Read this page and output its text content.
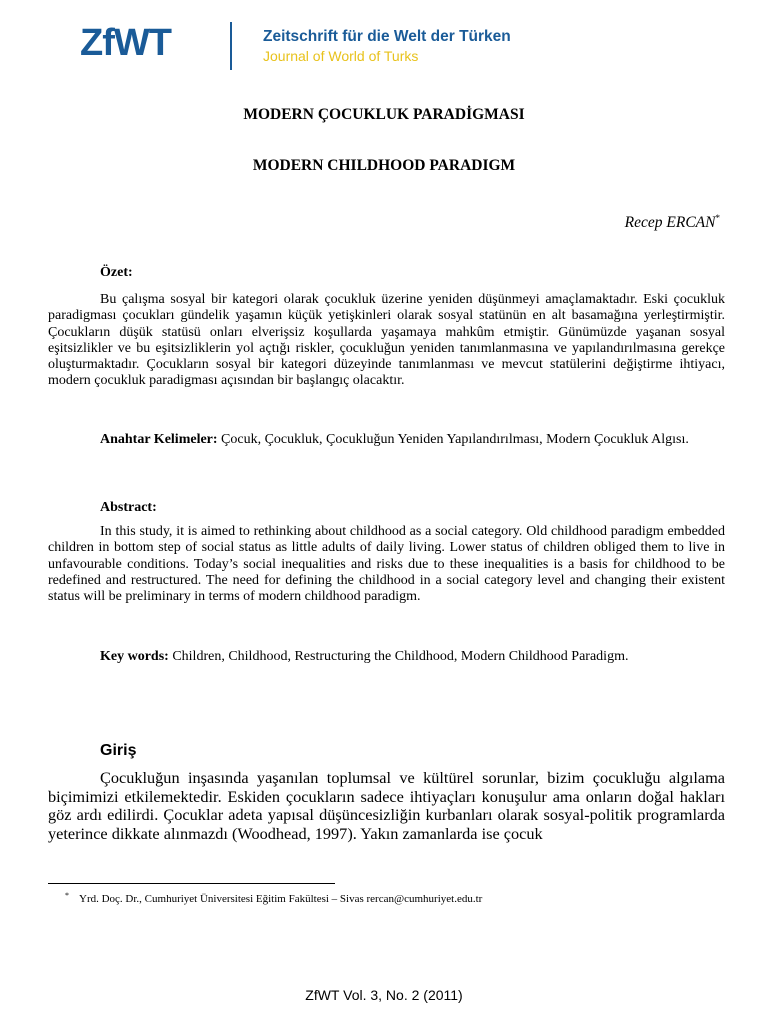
ZfWT	Zeitschrift für die Welt der Türken
Journal of World of Turks
MODERN ÇOCUKLUK PARADİGMASI
MODERN CHILDHOOD PARADIGM
Recep ERCAN*
Özet:

Bu çalışma sosyal bir kategori olarak çocukluk üzerine yeniden düşünmeyi amaçlamaktadır. Eski çocukluk paradigması çocukları gündelik yaşamın küçük yetişkinleri olarak sosyal statünün en alt basamağına yerleştirmiştir. Çocukların düşük statüsü onları elverişsiz koşullarda yaşamaya mahkûm etmiştir. Günümüzde yaşanan sosyal eşitsizlikler ve bu eşitsizliklerin yol açtığı riskler, çocukluğun yeniden tanımlanmasına ve yapılandırılmasına gerekçe oluşturmaktadır. Çocukların sosyal bir kategori düzeyinde tanımlanması ve mevcut statülerini değiştirme ihtiyacı, modern çocukluk paradigması açısından bir başlangıç olacaktır.

Anahtar Kelimeler: Çocuk, Çocukluk, Çocukluğun Yeniden Yapılandırılması, Modern Çocukluk Algısı.

Abstract:

In this study, it is aimed to rethinking about childhood as a social category. Old childhood paradigm embedded children in bottom step of social status as little adults of daily living. Lower status of children obliged them to live in unfavourable conditions. Today’s social inequalities and risks due to these inequalities is a basis for childhood to be redefined and restructured. The need for defining the childhood in a social category level and changing their existent status will be preliminary in terms of modern childhood paradigm.

Key words: Children, Childhood, Restructuring the Childhood, Modern Childhood Paradigm.

Giriş

Çocukluğun inşasında yaşanılan toplumsal ve kültürel sorunlar, bizim çocukluğu algılama biçimimizi etkilemektedir. Eskiden çocukların sadece ihtiyaçları konuşulur ama onların doğal hakları göz ardı edilirdi. Çocuklar adeta yapısal düşüncesizliğin kurbanları olarak sosyal-politik programlarda yeterince dikkate alınmazdı (Woodhead, 1997). Yakın zamanlarda ise çocuk

* Yrd. Doç. Dr., Cumhuriyet Üniversitesi Eğitim Fakültesi – Sivas rercan@cumhuriyet.edu.tr
ZfWT Vol. 3, No. 2 (2011)
